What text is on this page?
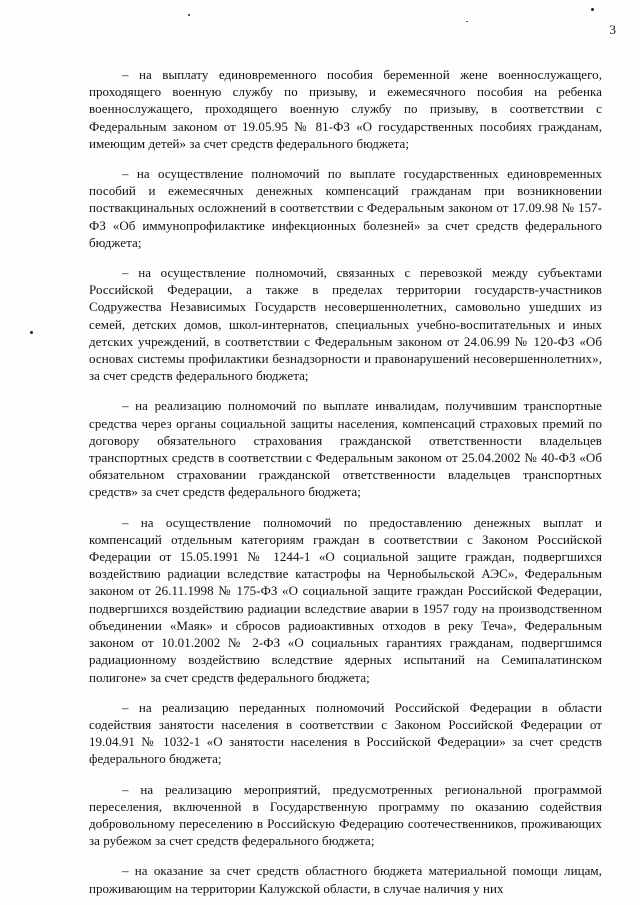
3

– на выплату единовременного пособия беременной жене военнослужащего, проходящего военную службу по призыву, и ежемесячного пособия на ребенка военнослужащего, проходящего военную службу по призыву, в соответствии с Федеральным законом от 19.05.95 № 81-ФЗ «О государственных пособиях гражданам, имеющим детей» за счет средств федерального бюджета;

– на осуществление полномочий по выплате государственных единовременных пособий и ежемесячных денежных компенсаций гражданам при возникновении поствакцинальных осложнений в соответствии с Федеральным законом от 17.09.98 № 157-ФЗ «Об иммунопрофилактике инфекционных болезней» за счет средств федерального бюджета;

– на осуществление полномочий, связанных с перевозкой между субъектами Российской Федерации, а также в пределах территории государств-участников Содружества Независимых Государств несовершеннолетних, самовольно ушедших из семей, детских домов, школ-интернатов, специальных учебно-воспитательных и иных детских учреждений, в соответствии с Федеральным законом от 24.06.99 № 120-ФЗ «Об основах системы профилактики безнадзорности и правонарушений несовершеннолетних», за счет средств федерального бюджета;

– на реализацию полномочий по выплате инвалидам, получившим транспортные средства через органы социальной защиты населения, компенсаций страховых премий по договору обязательного страхования гражданской ответственности владельцев транспортных средств в соответствии с Федеральным законом от 25.04.2002 № 40-ФЗ «Об обязательном страховании гражданской ответственности владельцев транспортных средств» за счет средств федерального бюджета;

– на осуществление полномочий по предоставлению денежных выплат и компенсаций отдельным категориям граждан в соответствии с Законом Российской Федерации от 15.05.1991 № 1244-1 «О социальной защите граждан, подвергшихся воздействию радиации вследствие катастрофы на Чернобыльской АЭС», Федеральным законом от 26.11.1998 № 175-ФЗ «О социальной защите граждан Российской Федерации, подвергшихся воздействию радиации вследствие аварии в 1957 году на производственном объединении «Маяк» и сбросов радиоактивных отходов в реку Теча», Федеральным законом от 10.01.2002 № 2-ФЗ «О социальных гарантиях гражданам, подвергшимся радиационному воздействию вследствие ядерных испытаний на Семипалатинском полигоне» за счет средств федерального бюджета;

– на реализацию переданных полномочий Российской Федерации в области содействия занятости населения в соответствии с Законом Российской Федерации от 19.04.91 № 1032-1 «О занятости населения в Российской Федерации» за счет средств федерального бюджета;

– на реализацию мероприятий, предусмотренных региональной программой переселения, включенной в Государственную программу по оказанию содействия добровольному переселению в Российскую Федерацию соотечественников, проживающих за рубежом за счет средств федерального бюджета;

– на оказание за счет средств областного бюджета материальной помощи лицам, проживающим на территории Калужской области, в случае наличия у них
